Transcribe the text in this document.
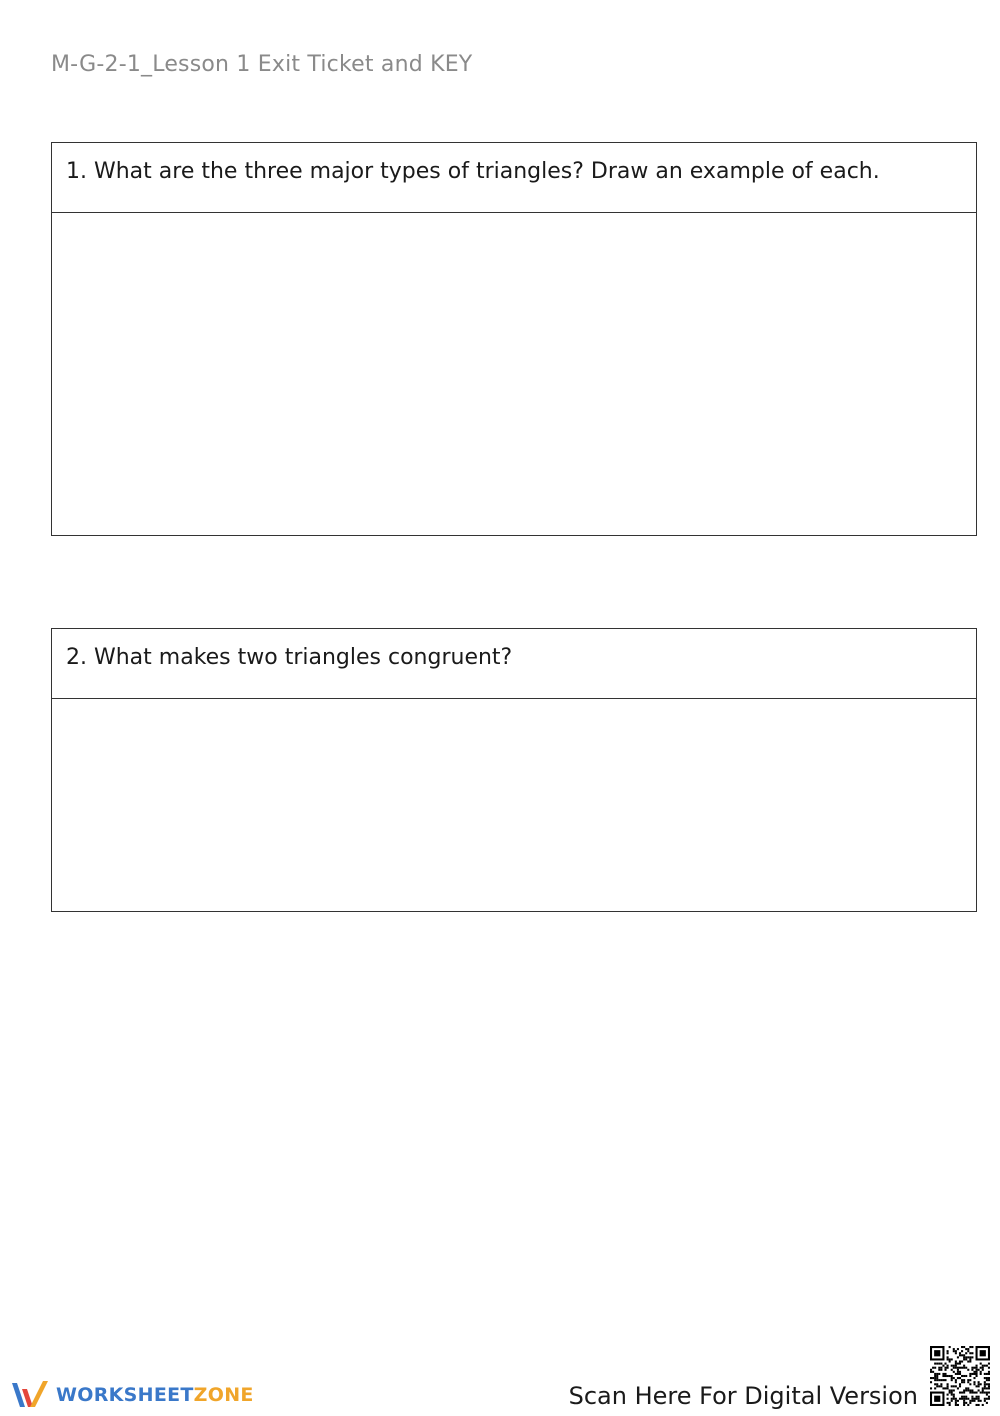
M-G-2-1_Lesson 1 Exit Ticket and KEY
1. What are the three major types of triangles? Draw an example of each.
2. What makes two triangles congruent?
WORKSHEETZONE	Scan Here For Digital Version
